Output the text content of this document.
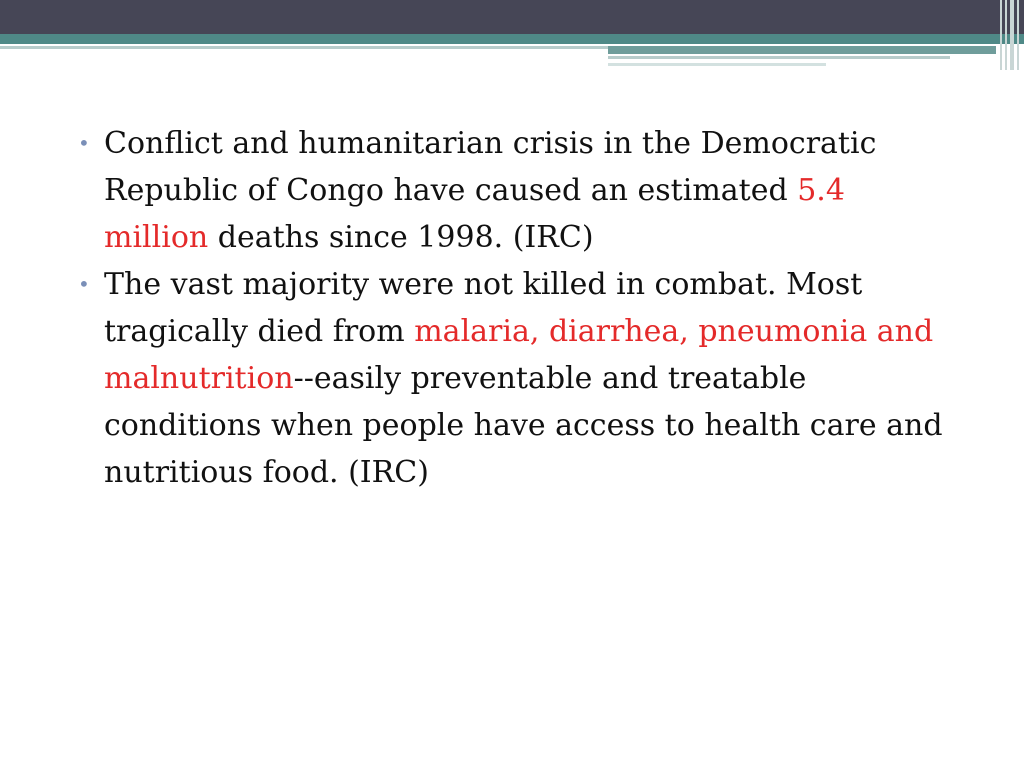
• Conflict and humanitarian crisis in the Democratic Republic of Congo have caused an estimated 5.4 million deaths since 1998. (IRC)
• The vast majority were not killed in combat. Most tragically died from malaria, diarrhea, pneumonia and malnutrition--easily preventable and treatable conditions when people have access to health care and nutritious food. (IRC)
